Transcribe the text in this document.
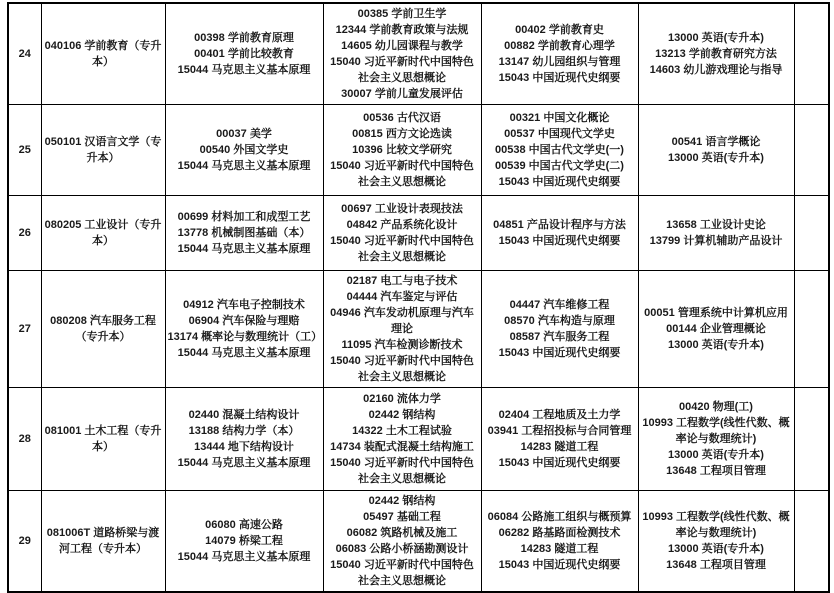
24	040106 学前教育（专升本）	
00398 学前教育原理
00401 学前比较教育
15044 马克思主义基本原理

00385 学前卫生学
12344 学前教育政策与法规
14605 幼儿园课程与教学
15040 习近平新时代中国特色社会主义思想概论
30007 学前儿童发展评估

00402 学前教育史
00882 学前教育心理学
13147 幼儿园组织与管理
15043 中国近现代史纲要

13000 英语(专升本)
13213 学前教育研究方法
14603 幼儿游戏理论与指导

25	050101 汉语言文学（专升本）	
00037 美学
00540 外国文学史
15044 马克思主义基本原理

00536 古代汉语
00815 西方文论选读
10396 比较文学研究
15040 习近平新时代中国特色社会主义思想概论

00321 中国文化概论
00537 中国现代文学史
00538 中国古代文学史(一)
00539 中国古代文学史(二)
15043 中国近现代史纲要

00541 语言学概论
13000 英语(专升本)

26	080205 工业设计（专升本）	
00699 材料加工和成型工艺
13778 机械制图基础（本）
15044 马克思主义基本原理

00697 工业设计表现技法
04842 产品系统化设计
15040 习近平新时代中国特色社会主义思想概论

04851 产品设计程序与方法
15043 中国近现代史纲要

13658 工业设计史论
13799 计算机辅助产品设计

27	080208 汽车服务工程（专升本）	
04912 汽车电子控制技术
06904 汽车保险与理赔
13174 概率论与数理统计（工）
15044 马克思主义基本原理

02187 电工与电子技术
04444 汽车鉴定与评估
04946 汽车发动机原理与汽车理论
11095 汽车检测诊断技术
15040 习近平新时代中国特色社会主义思想概论

04447 汽车维修工程
08570 汽车构造与原理
08587 汽车服务工程
15043 中国近现代史纲要

00051 管理系统中计算机应用
00144 企业管理概论
13000 英语(专升本)

28	081001 土木工程（专升本）	
02440 混凝土结构设计
13188 结构力学（本）
13444 地下结构设计
15044 马克思主义基本原理

02160 流体力学
02442 钢结构
14322 土木工程试验
14734 装配式混凝土结构施工
15040 习近平新时代中国特色社会主义思想概论

02404 工程地质及土力学
03941 工程招投标与合同管理
14283 隧道工程
15043 中国近现代史纲要

00420 物理(工)
10993 工程数学(线性代数、概率论与数理统计)
13000 英语(专升本)
13648 工程项目管理

29	081006T 道路桥梁与渡河工程（专升本）	
06080 高速公路
14079 桥梁工程
15044 马克思主义基本原理

02442 钢结构
05497 基础工程
06082 筑路机械及施工
06083 公路小桥涵勘测设计
15040 习近平新时代中国特色社会主义思想概论

06084 公路施工组织与概预算
06282 路基路面检测技术
14283 隧道工程
15043 中国近现代史纲要

10993 工程数学(线性代数、概率论与数理统计)
13000 英语(专升本)
13648 工程项目管理
